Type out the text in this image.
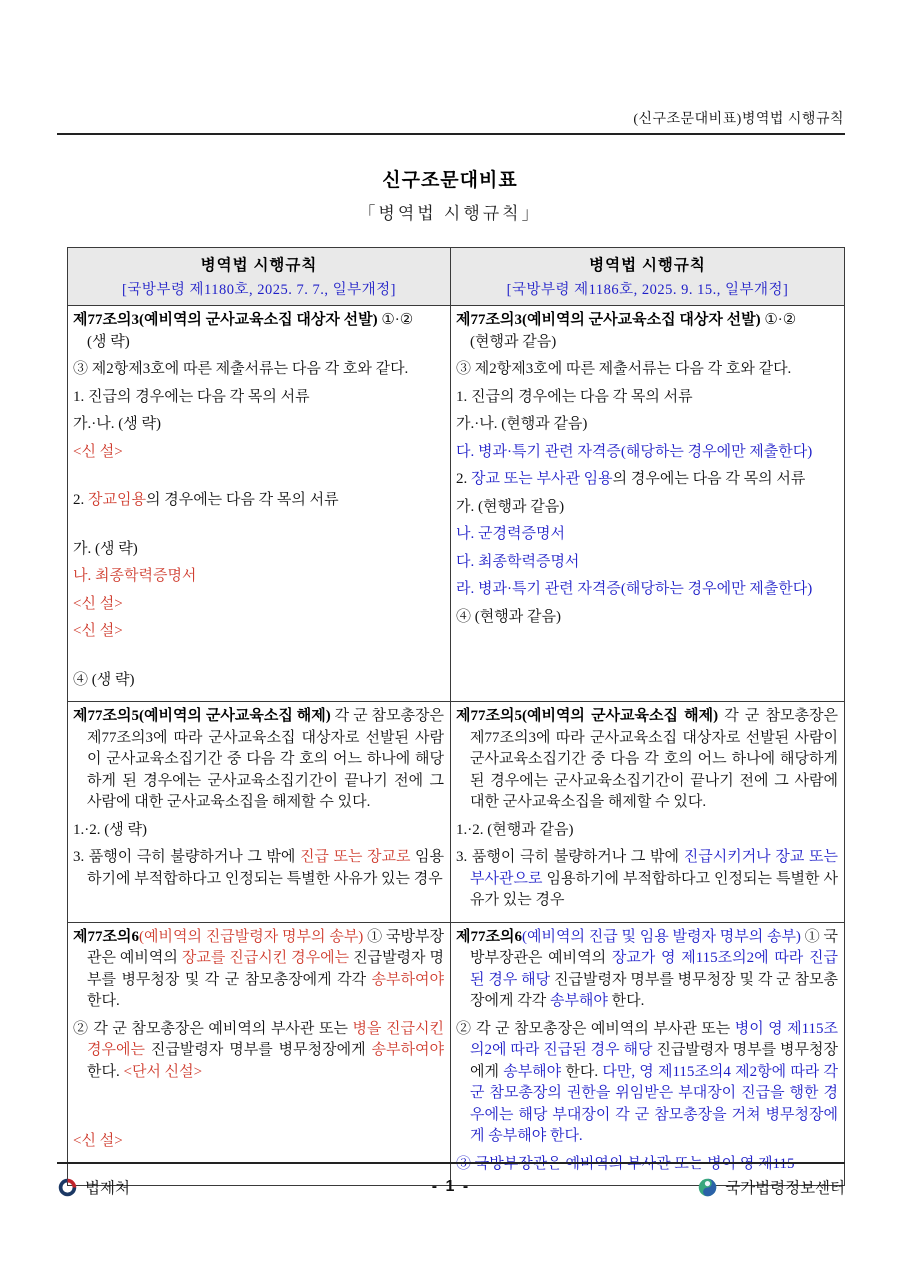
(신구조문대비표)병역법 시행규칙
신구조문대비표
「병역법 시행규칙」
병역법 시행규칙
[국방부령 제1180호, 2025. 7. 7., 일부개정]

병역법 시행규칙
[국방부령 제1186호, 2025. 9. 15., 일부개정]

제77조의3(예비역의 군사교육소집 대상자 선발) ①·②
(생 략)
③ 제2항제3호에 따른 제출서류는 다음 각 호와 같다.
1. 진급의 경우에는 다음 각 목의 서류
가.·나. (생 략)
<신 설>
2. 장교임용의 경우에는 다음 각 목의 서류
가. (생 략)
나. 최종학력증명서
<신 설>
<신 설>
④ (생 략)

제77조의3(예비역의 군사교육소집 대상자 선발) ①·②
(현행과 같음)
③ 제2항제3호에 따른 제출서류는 다음 각 호와 같다.
1. 진급의 경우에는 다음 각 목의 서류
가.·나. (현행과 같음)
다. 병과·특기 관련 자격증(해당하는 경우에만 제출한다)
2. 장교 또는 부사관 임용의 경우에는 다음 각 목의 서류
가. (현행과 같음)
나. 군경력증명서
다. 최종학력증명서
라. 병과·특기 관련 자격증(해당하는 경우에만 제출한다)
④ (현행과 같음)

제77조의5(예비역의 군사교육소집 해제) 각 군 참모총장은 제77조의3에 따라 군사교육소집 대상자로 선발된 사람이 군사교육소집기간 중 다음 각 호의 어느 하나에 해당하게 된 경우에는 군사교육소집기간이 끝나기 전에 그 사람에 대한 군사교육소집을 해제할 수 있다.
1.·2. (생 략)
3. 품행이 극히 불량하거나 그 밖에 진급 또는 장교로 임용하기에 부적합하다고 인정되는 특별한 사유가 있는 경우

제77조의5(예비역의 군사교육소집 해제) 각 군 참모총장은 제77조의3에 따라 군사교육소집 대상자로 선발된 사람이 군사교육소집기간 중 다음 각 호의 어느 하나에 해당하게 된 경우에는 군사교육소집기간이 끝나기 전에 그 사람에 대한 군사교육소집을 해제할 수 있다.
1.·2. (현행과 같음)
3. 품행이 극히 불량하거나 그 밖에 진급시키거나 장교 또는 부사관으로 임용하기에 부적합하다고 인정되는 특별한 사유가 있는 경우

제77조의6(예비역의 진급발령자 명부의 송부) ① 국방부장관은 예비역의 장교를 진급시킨 경우에는 진급발령자 명부를 병무청장 및 각 군 참모총장에게 각각 송부하여야 한다.
② 각 군 참모총장은 예비역의 부사관 또는 병을 진급시킨 경우에는 진급발령자 명부를 병무청장에게 송부하여야 한다. <단서 신설>
<신 설>

제77조의6(예비역의 진급 및 임용 발령자 명부의 송부) ① 국방부장관은 예비역의 장교가 영 제115조의2에 따라 진급된 경우 해당 진급발령자 명부를 병무청장 및 각 군 참모총장에게 각각 송부해야 한다.
② 각 군 참모총장은 예비역의 부사관 또는 병이 영 제115조의2에 따라 진급된 경우 해당 진급발령자 명부를 병무청장에게 송부해야 한다. 다만, 영 제115조의4 제2항에 따라 각 군 참모총장의 권한을 위임받은 부대장이 진급을 행한 경우에는 해당 부대장이 각 군 참모총장을 거쳐 병무청장에게 송부해야 한다.
③ 국방부장관은 예비역의 부사관 또는 병이 영 제115
법제처	- 1 -	국가법령정보센터
